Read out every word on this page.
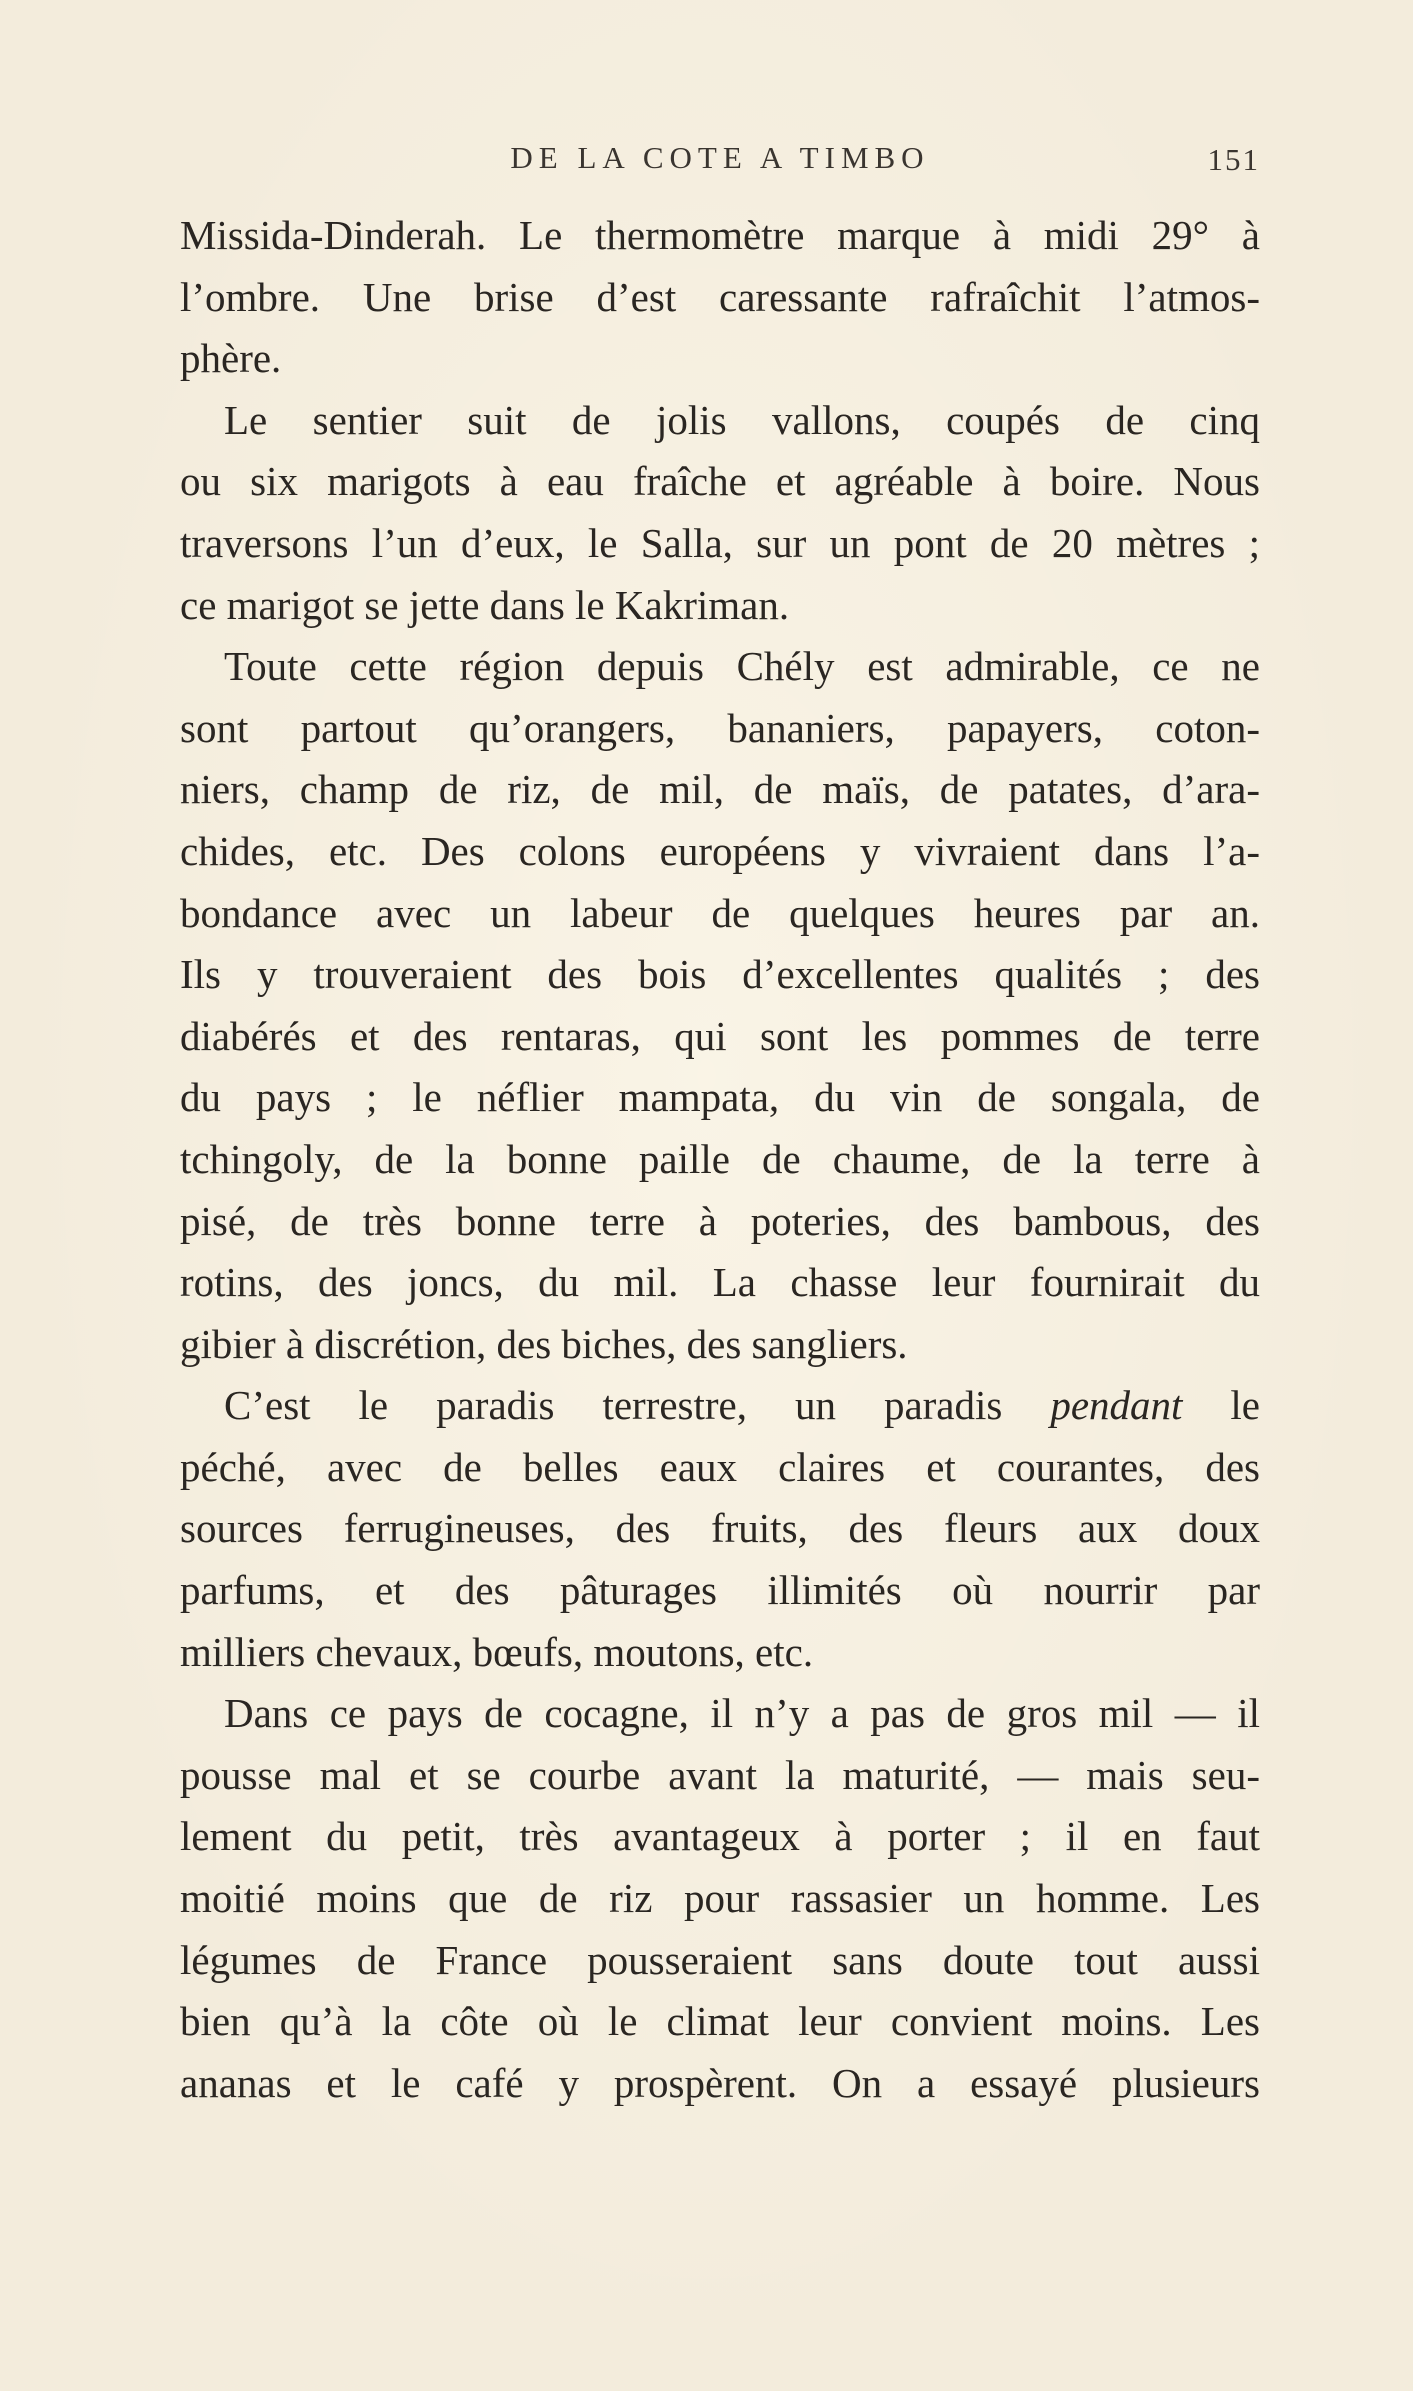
DE LA COTE A TIMBO	151
Missida-Dinderah. Le thermomètre marque à midi 29° à
l’ombre. Une brise d’est caressante rafraîchit l’atmos-
phère.
Le sentier suit de jolis vallons, coupés de cinq
ou six marigots à eau fraîche et agréable à boire. Nous
traversons l’un d’eux, le Salla, sur un pont de 20 mètres ;
ce marigot se jette dans le Kakriman.
Toute cette région depuis Chély est admirable, ce ne
sont partout qu’orangers, bananiers, papayers, coton-
niers, champ de riz, de mil, de maïs, de patates, d’ara-
chides, etc. Des colons européens y vivraient dans l’a-
bondance avec un labeur de quelques heures par an.
Ils y trouveraient des bois d’excellentes qualités ; des
diabérés et des rentaras, qui sont les pommes de terre
du pays ; le néflier mampata, du vin de songala, de
tchingoly, de la bonne paille de chaume, de la terre à
pisé, de très bonne terre à poteries, des bambous, des
rotins, des joncs, du mil. La chasse leur fournirait du
gibier à discrétion, des biches, des sangliers.
C’est le paradis terrestre, un paradis pendant le
péché, avec de belles eaux claires et courantes, des
sources ferrugineuses, des fruits, des fleurs aux doux
parfums, et des pâturages illimités où nourrir par
milliers chevaux, bœufs, moutons, etc.
Dans ce pays de cocagne, il n’y a pas de gros mil — il
pousse mal et se courbe avant la maturité, — mais seu-
lement du petit, très avantageux à porter ; il en faut
moitié moins que de riz pour rassasier un homme. Les
légumes de France pousseraient sans doute tout aussi
bien qu’à la côte où le climat leur convient moins. Les
ananas et le café y prospèrent. On a essayé plusieurs
